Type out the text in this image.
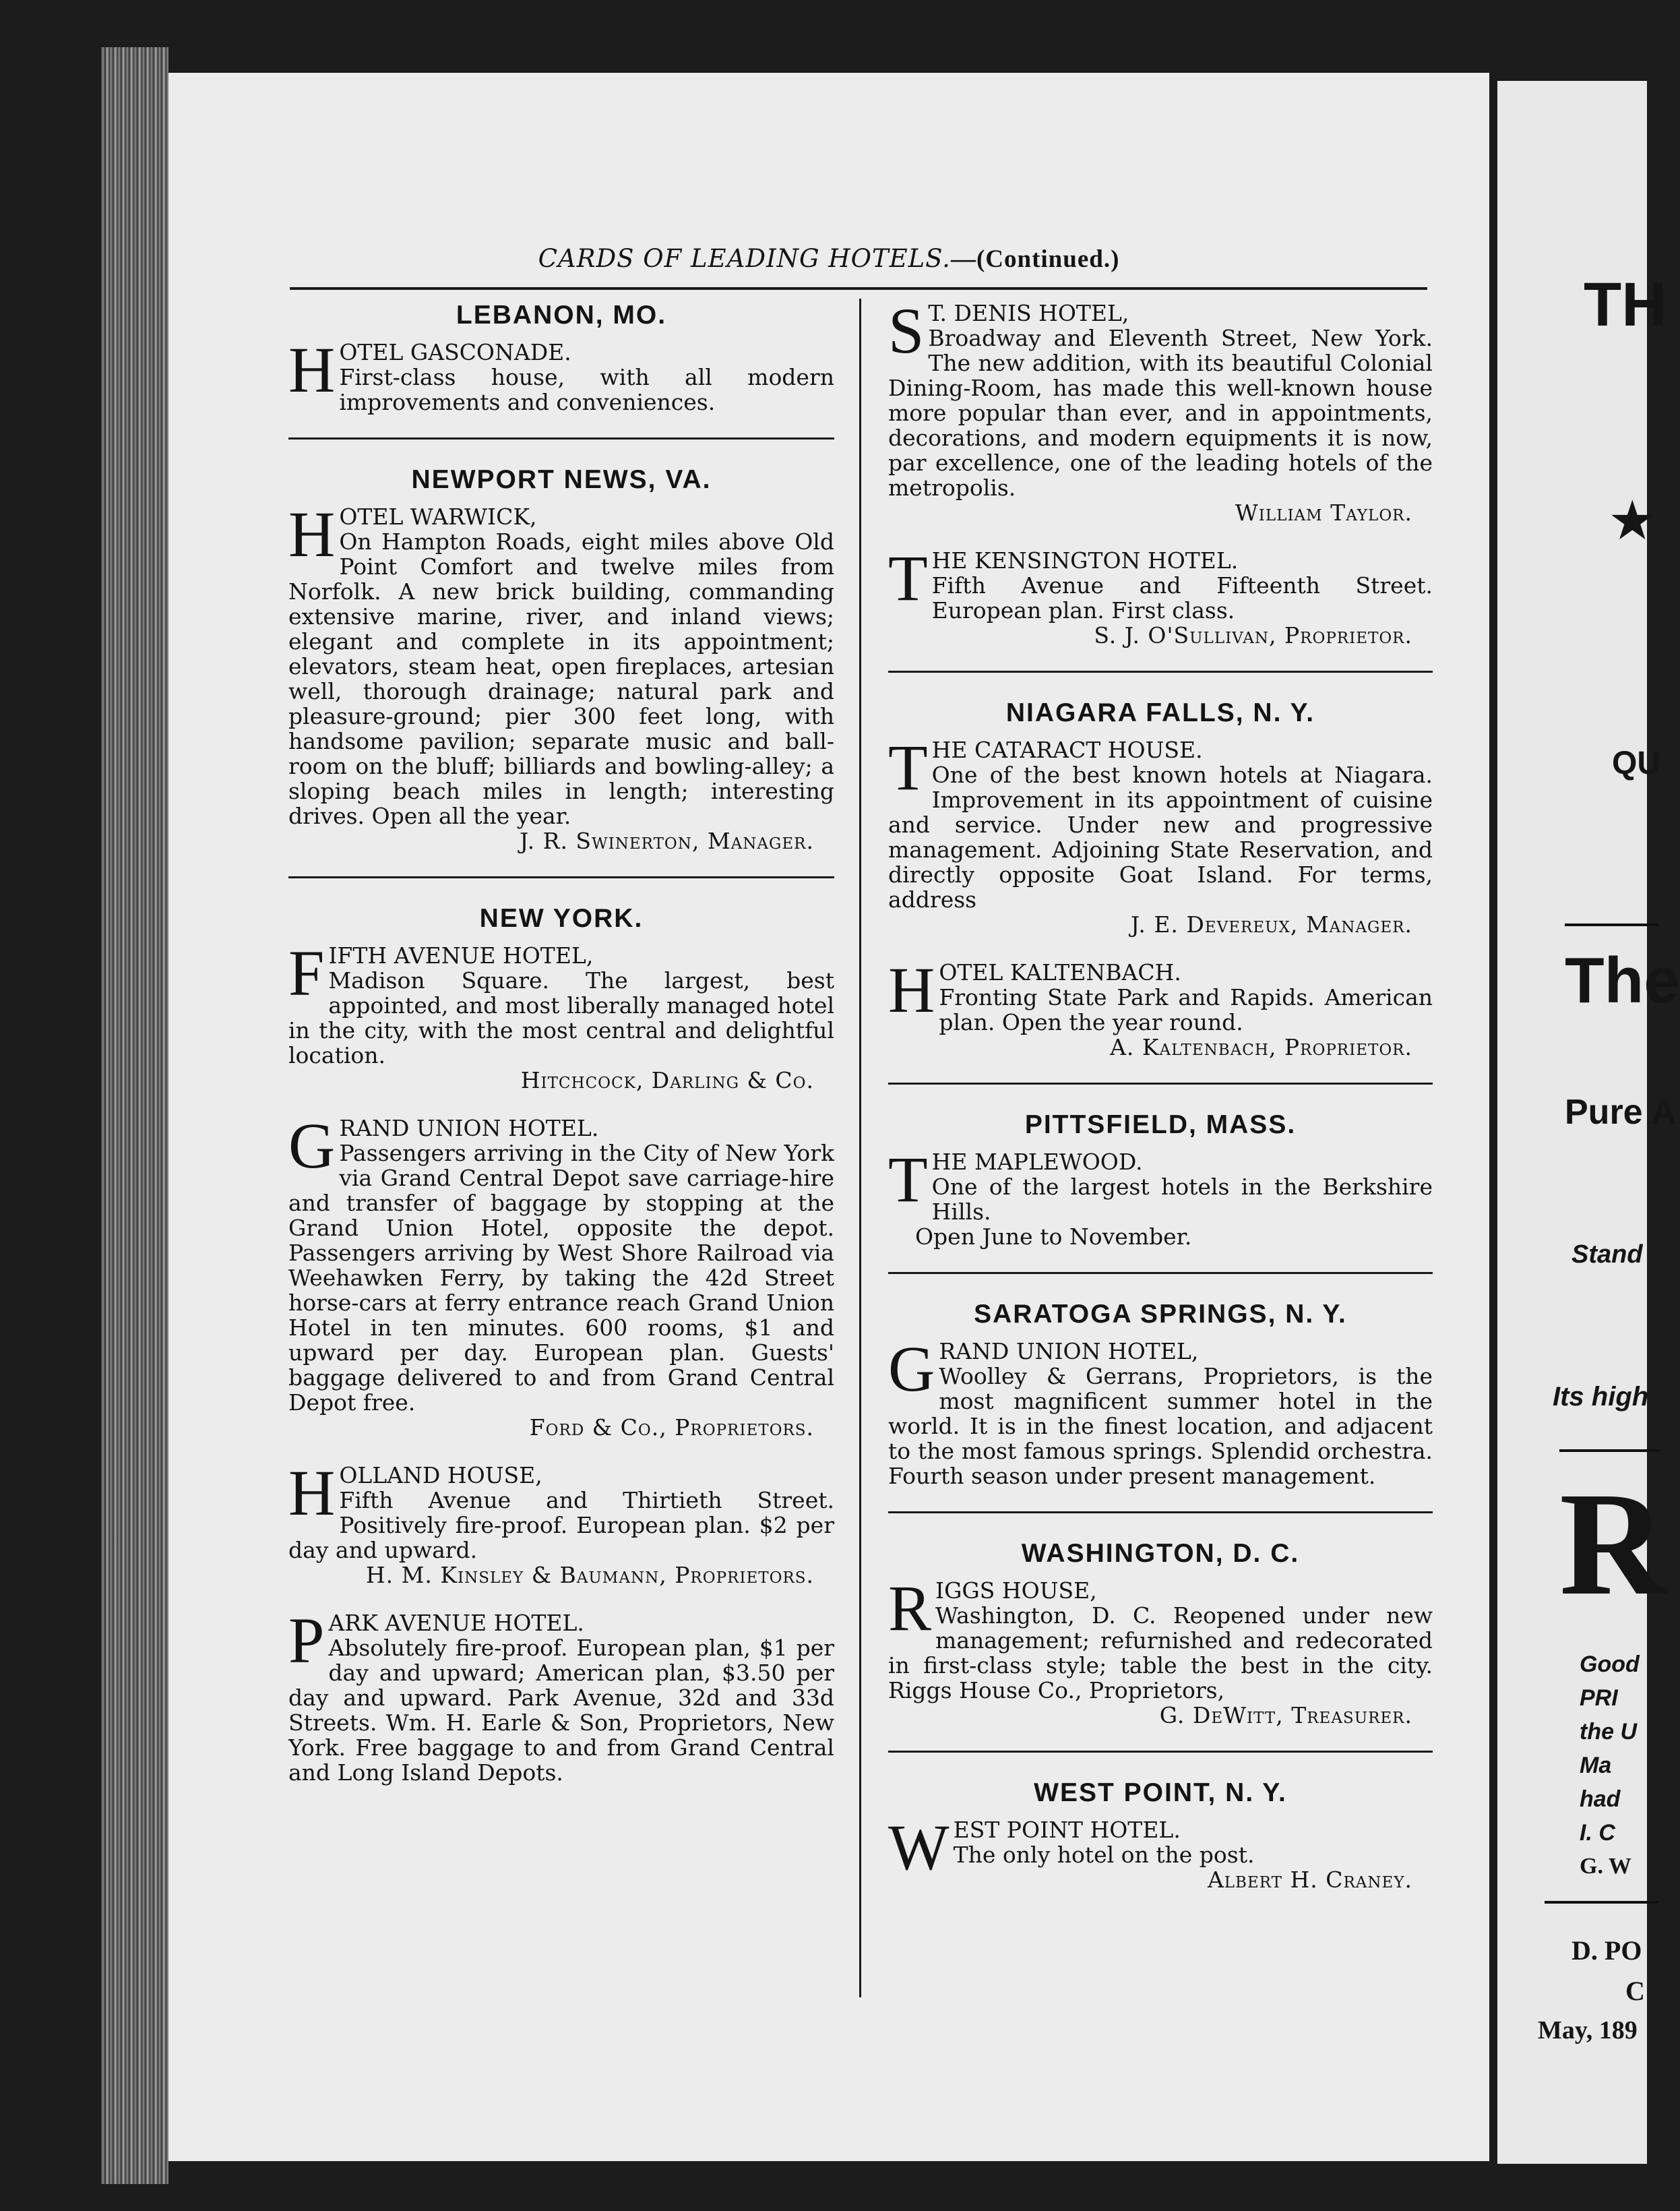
CARDS OF LEADING HOTELS.—(Continued.)
LEBANON, MO.

HOTEL GASCONADE.
First-class house, with all modern improvements and conveniences.

NEWPORT NEWS, VA.

HOTEL WARWICK,
On Hampton Roads, eight miles above Old Point Comfort and twelve miles from Norfolk. A new brick building, commanding extensive marine, river, and inland views; elegant and complete in its appointment; elevators, steam heat, open fireplaces, artesian well, thorough drainage; natural park and pleasure-ground; pier 300 feet long, with handsome pavilion; separate music and ball-room on the bluff; billiards and bowling-alley; a sloping beach miles in length; interesting drives. Open all the year.

J. R. Swinerton, Manager.
NEW YORK.

FIFTH AVENUE HOTEL,
Madison Square. The largest, best appointed, and most liberally managed hotel in the city, with the most central and delightful location.

Hitchcock, Darling & Co.

GRAND UNION HOTEL.
Passengers arriving in the City of New York via Grand Central Depot save carriage-hire and transfer of baggage by stopping at the Grand Union Hotel, opposite the depot. Passengers arriving by West Shore Railroad via Weehawken Ferry, by taking the 42d Street horse-cars at ferry entrance reach Grand Union Hotel in ten minutes. 600 rooms, $1 and upward per day. European plan. Guests' baggage delivered to and from Grand Central Depot free.

Ford & Co., Proprietors.

HOLLAND HOUSE,
Fifth Avenue and Thirtieth Street. Positively fire-proof. European plan. $2 per day and upward.

H. M. Kinsley & Baumann, Proprietors.

PARK AVENUE HOTEL.
Absolutely fire-proof. European plan, $1 per day and upward; American plan, $3.50 per day and upward. Park Avenue, 32d and 33d Streets. Wm. H. Earle & Son, Proprietors, New York. Free baggage to and from Grand Central and Long Island Depots.

S T. DENIS HOTEL,
Broadway and Eleventh Street, New York. The new addition, with its beautiful Colonial Dining-Room, has made this well-known house more popular than ever, and in appointments, decorations, and modern equipments it is now, par excellence, one of the leading hotels of the metropolis.

William Taylor.

THE KENSINGTON HOTEL.
Fifth Avenue and Fifteenth Street. European plan. First class.

S. J. O'Sullivan, Proprietor.
NIAGARA FALLS, N. Y.

THE CATARACT HOUSE.
One of the best known hotels at Niagara. Improvement in its appointment of cuisine and service. Under new and progressive management. Adjoining State Reservation, and directly opposite Goat Island. For terms, address

J. E. Devereux, Manager.

HOTEL KALTENBACH.
Fronting State Park and Rapids. American plan. Open the year round.

A. Kaltenbach, Proprietor.
PITTSFIELD, MASS.

THE MAPLEWOOD.
One of the largest hotels in the Berkshire Hills.

Open June to November.

SARATOGA SPRINGS, N. Y.

GRAND UNION HOTEL,
Woolley & Gerrans, Proprietors, is the most magnificent summer hotel in the world. It is in the finest location, and adjacent to the most famous springs. Splendid orchestra. Fourth season under present management.

WASHINGTON, D. C.

RIGGS HOUSE,
Washington, D. C. Reopened under new management; refurnished and redecorated in first-class style; table the best in the city. Riggs House Co., Proprietors,

G. DeWitt, Treasurer.
WEST POINT, N. Y.

WEST POINT HOTEL.
The only hotel on the post.

Albert H. Craney.
TH
★
QU
The
Pure A
Stand
Its high
R
Good
PRI
the U
Ma
had
I. C
G. W
D. PO
C
May, 189
